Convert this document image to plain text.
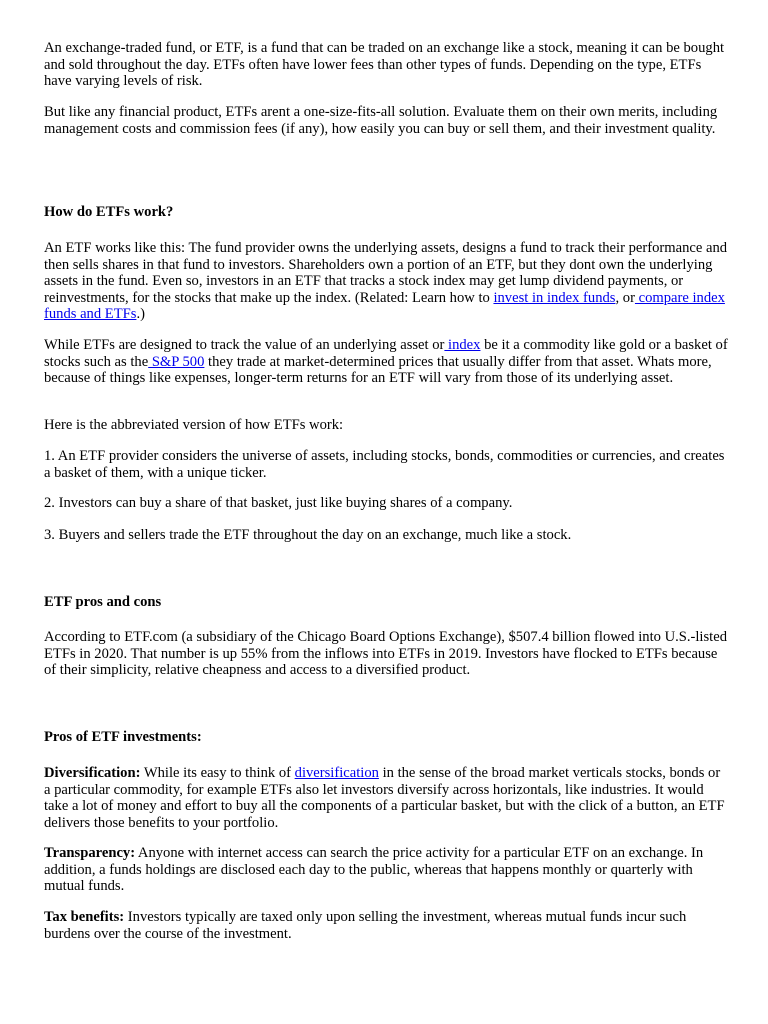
An exchange-traded fund, or ETF, is a fund that can be traded on an exchange like a stock, meaning it can be bought and sold throughout the day. ETFs often have lower fees than other types of funds. Depending on the type, ETFs have varying levels of risk.

But like any financial product, ETFs arent a one-size-fits-all solution. Evaluate them on their own merits, including management costs and commission fees (if any), how easily you can buy or sell them, and their investment quality.

How do ETFs work?

An ETF works like this: The fund provider owns the underlying assets, designs a fund to track their performance and then sells shares in that fund to investors. Shareholders own a portion of an ETF, but they dont own the underlying assets in the fund. Even so, investors in an ETF that tracks a stock index may get lump dividend payments, or reinvestments, for the stocks that make up the index. (Related: Learn how to invest in index funds, or compare index funds and ETFs.)

While ETFs are designed to track the value of an underlying asset or index be it a commodity like gold or a basket of stocks such as the S&P 500 they trade at market-determined prices that usually differ from that asset. Whats more, because of things like expenses, longer-term returns for an ETF will vary from those of its underlying asset.

Here is the abbreviated version of how ETFs work:

1. An ETF provider considers the universe of assets, including stocks, bonds, commodities or currencies, and creates a basket of them, with a unique ticker.

2. Investors can buy a share of that basket, just like buying shares of a company.

3. Buyers and sellers trade the ETF throughout the day on an exchange, much like a stock.

ETF pros and cons

According to ETF.com (a subsidiary of the Chicago Board Options Exchange), $507.4 billion flowed into U.S.-listed ETFs in 2020. That number is up 55% from the inflows into ETFs in 2019. Investors have flocked to ETFs because of their simplicity, relative cheapness and access to a diversified product.

Pros of ETF investments:

Diversification: While its easy to think of diversification in the sense of the broad market verticals stocks, bonds or a particular commodity, for example ETFs also let investors diversify across horizontals, like industries. It would take a lot of money and effort to buy all the components of a particular basket, but with the click of a button, an ETF delivers those benefits to your portfolio.

Transparency: Anyone with internet access can search the price activity for a particular ETF on an exchange. In addition, a funds holdings are disclosed each day to the public, whereas that happens monthly or quarterly with mutual funds.

Tax benefits: Investors typically are taxed only upon selling the investment, whereas mutual funds incur such burdens over the course of the investment.
